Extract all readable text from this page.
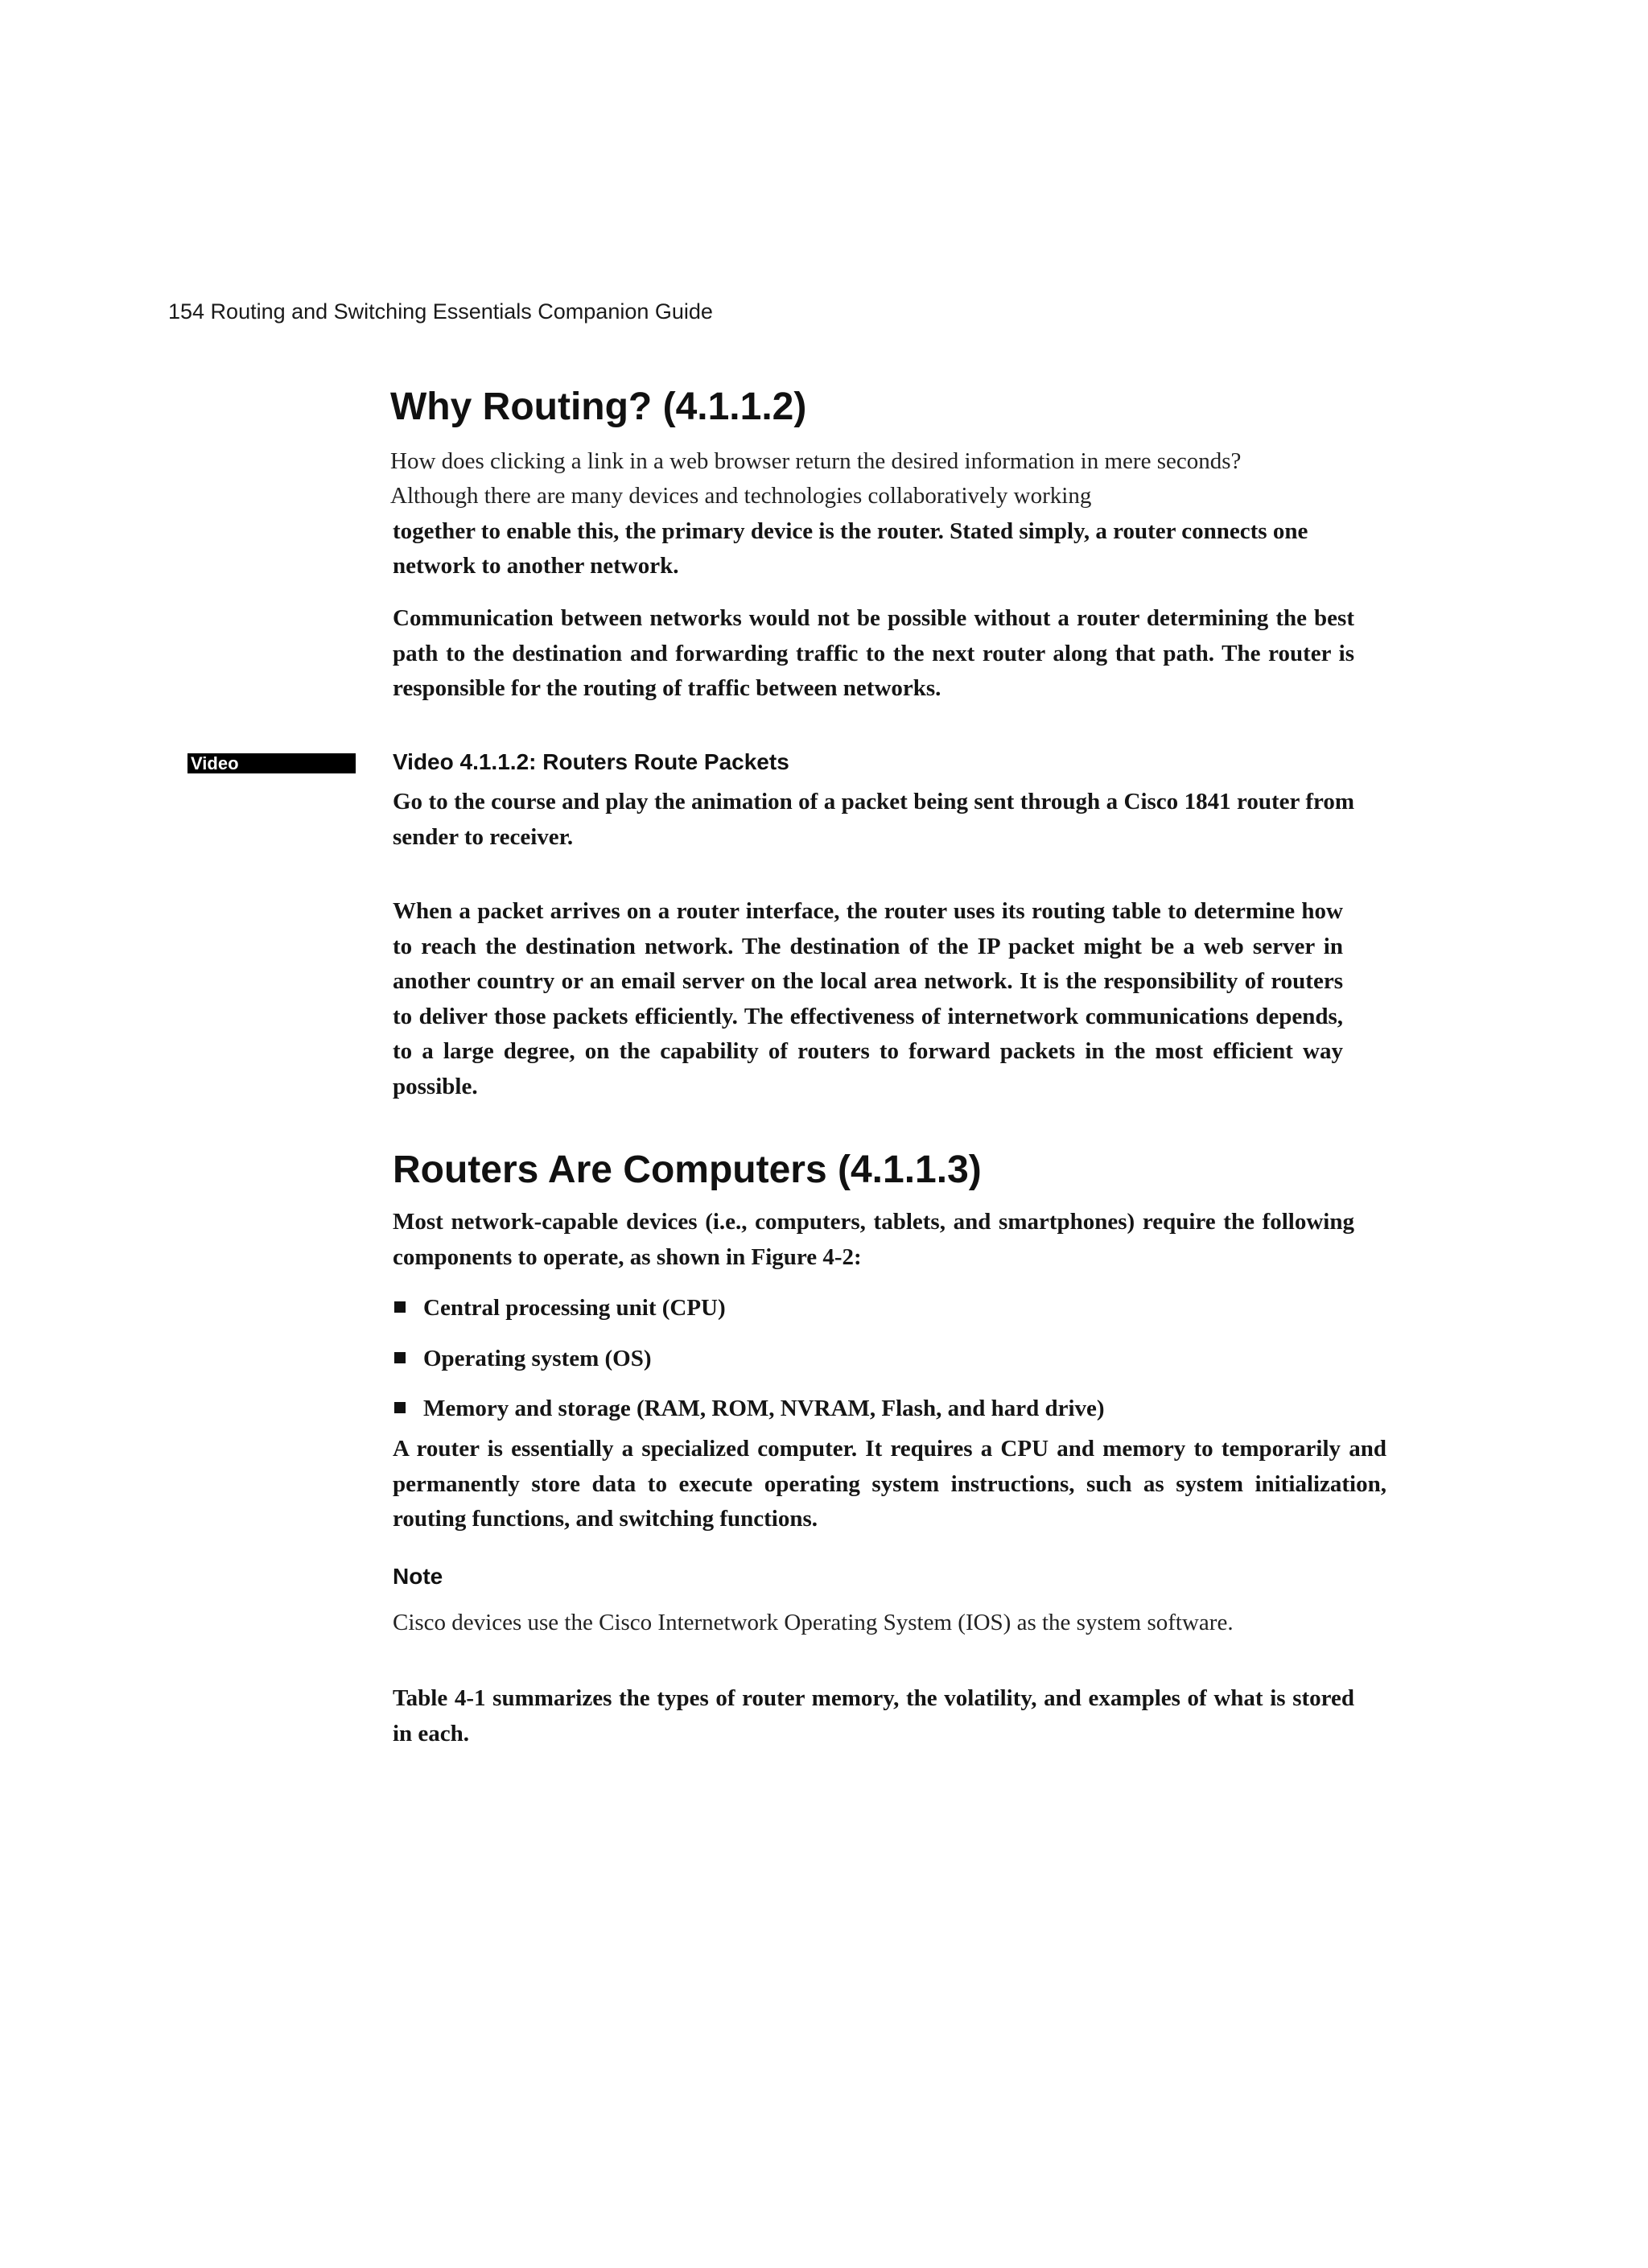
154 Routing and Switching Essentials Companion Guide
Why Routing? (4.1.1.2)
How does clicking a link in a web browser return the desired information in mere seconds?
Although there are many devices and technologies collaboratively working
together to enable this, the primary device is the router. Stated simply, a router connects one
network to another network.
Communication between networks would not be possible without a router determining the best path to the destination and forwarding traffic to the next router along that path. The router is responsible for the routing of traffic between networks.
Video	Video 4.1.1.2: Routers Route Packets
Go to the course and play the animation of a packet being sent through a Cisco 1841 router from sender to receiver.
When a packet arrives on a router interface, the router uses its routing table to determine how to reach the destination network. The destination of the IP packet might be a web server in another country or an email server on the local area network. It is the responsibility of routers to deliver those packets efficiently. The effectiveness of internetwork communications depends, to a large degree, on the capability of routers to forward packets in the most efficient way possible.
Routers Are Computers (4.1.1.3)
Most network-capable devices (i.e., computers, tablets, and smartphones) require the following components to operate, as shown in Figure 4-2:
Central processing unit (CPU)
Operating system (OS)
Memory and storage (RAM, ROM, NVRAM, Flash, and hard drive)
A router is essentially a specialized computer. It requires a CPU and memory to temporarily and permanently store data to execute operating system instructions, such as system initialization, routing functions, and switching functions.
Note
Cisco devices use the Cisco Internetwork Operating System (IOS) as the system software.
Table 4-1 summarizes the types of router memory, the volatility, and examples of what is stored in each.
